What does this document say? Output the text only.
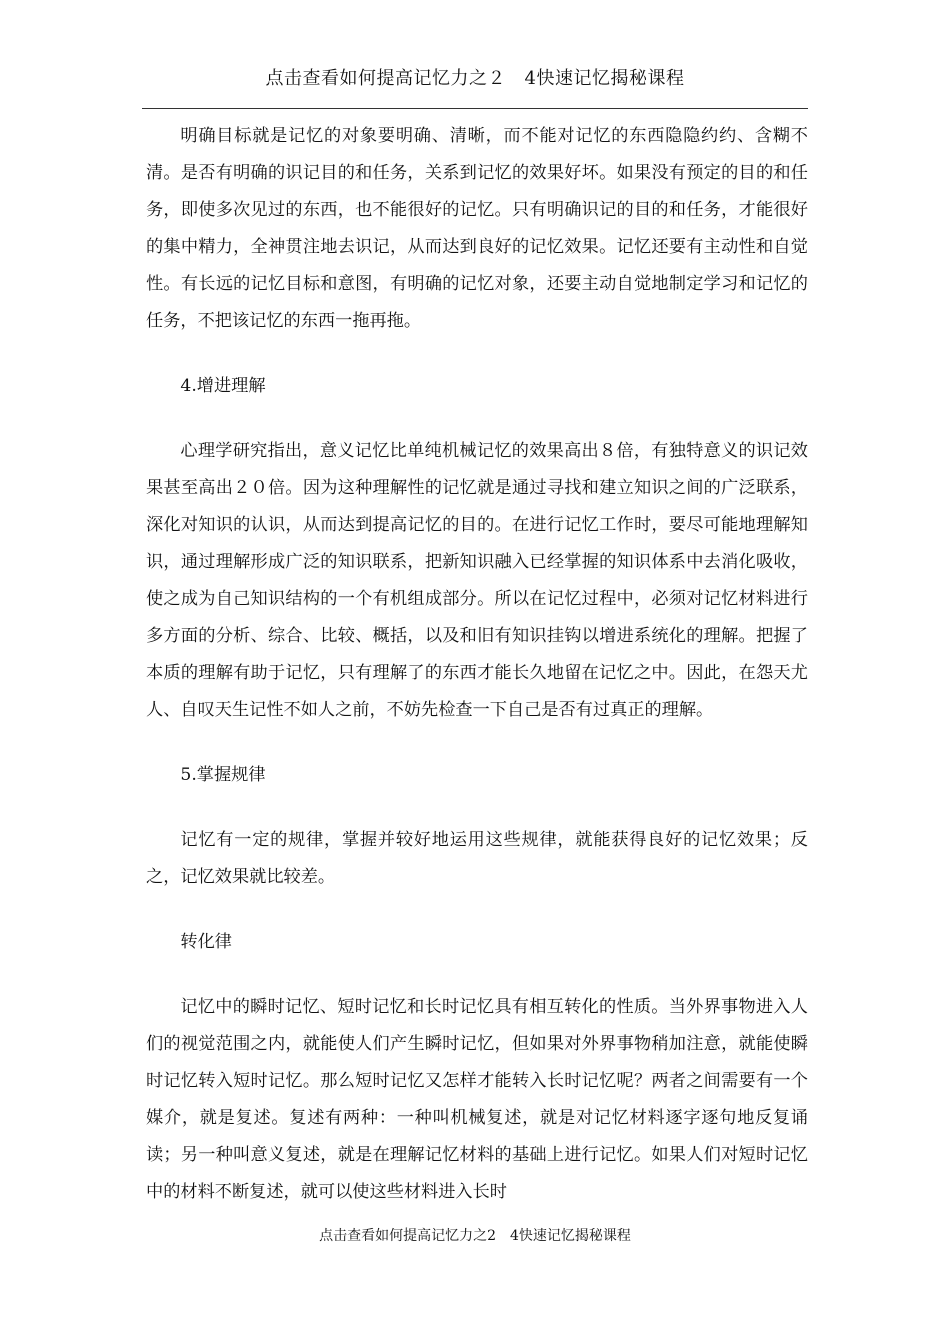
点击查看如何提高记忆力之２　4快速记忆揭秘课程

明确目标就是记忆的对象要明确、清晰，而不能对记忆的东西隐隐约约、含糊不清。是否有明确的识记目的和任务，关系到记忆的效果好坏。如果没有预定的目的和任务，即使多次见过的东西，也不能很好的记忆。只有明确识记的目的和任务，才能很好的集中精力，全神贯注地去识记，从而达到良好的记忆效果。记忆还要有主动性和自觉性。有长远的记忆目标和意图，有明确的记忆对象，还要主动自觉地制定学习和记忆的任务，不把该记忆的东西一拖再拖。

4.增进理解

心理学研究指出，意义记忆比单纯机械记忆的效果高出８倍，有独特意义的识记效果甚至高出２０倍。因为这种理解性的记忆就是通过寻找和建立知识之间的广泛联系，深化对知识的认识，从而达到提高记忆的目的。在进行记忆工作时，要尽可能地理解知识，通过理解形成广泛的知识联系，把新知识融入已经掌握的知识体系中去消化吸收，使之成为自己知识结构的一个有机组成部分。所以在记忆过程中，必须对记忆材料进行多方面的分析、综合、比较、概括，以及和旧有知识挂钩以增进系统化的理解。把握了本质的理解有助于记忆，只有理解了的东西才能长久地留在记忆之中。因此，在怨天尤人、自叹天生记性不如人之前，不妨先检查一下自己是否有过真正的理解。

5.掌握规律

记忆有一定的规律，掌握并较好地运用这些规律，就能获得良好的记忆效果；反之，记忆效果就比较差。

转化律

记忆中的瞬时记忆、短时记忆和长时记忆具有相互转化的性质。当外界事物进入人们的视觉范围之内，就能使人们产生瞬时记忆，但如果对外界事物稍加注意，就能使瞬时记忆转入短时记忆。那么短时记忆又怎样才能转入长时记忆呢？两者之间需要有一个媒介，就是复述。复述有两种：一种叫机械复述，就是对记忆材料逐字逐句地反复诵读；另一种叫意义复述，就是在理解记忆材料的基础上进行记忆。如果人们对短时记忆中的材料不断复述，就可以使这些材料进入长时

点击查看如何提高记忆力之2　4快速记忆揭秘课程
